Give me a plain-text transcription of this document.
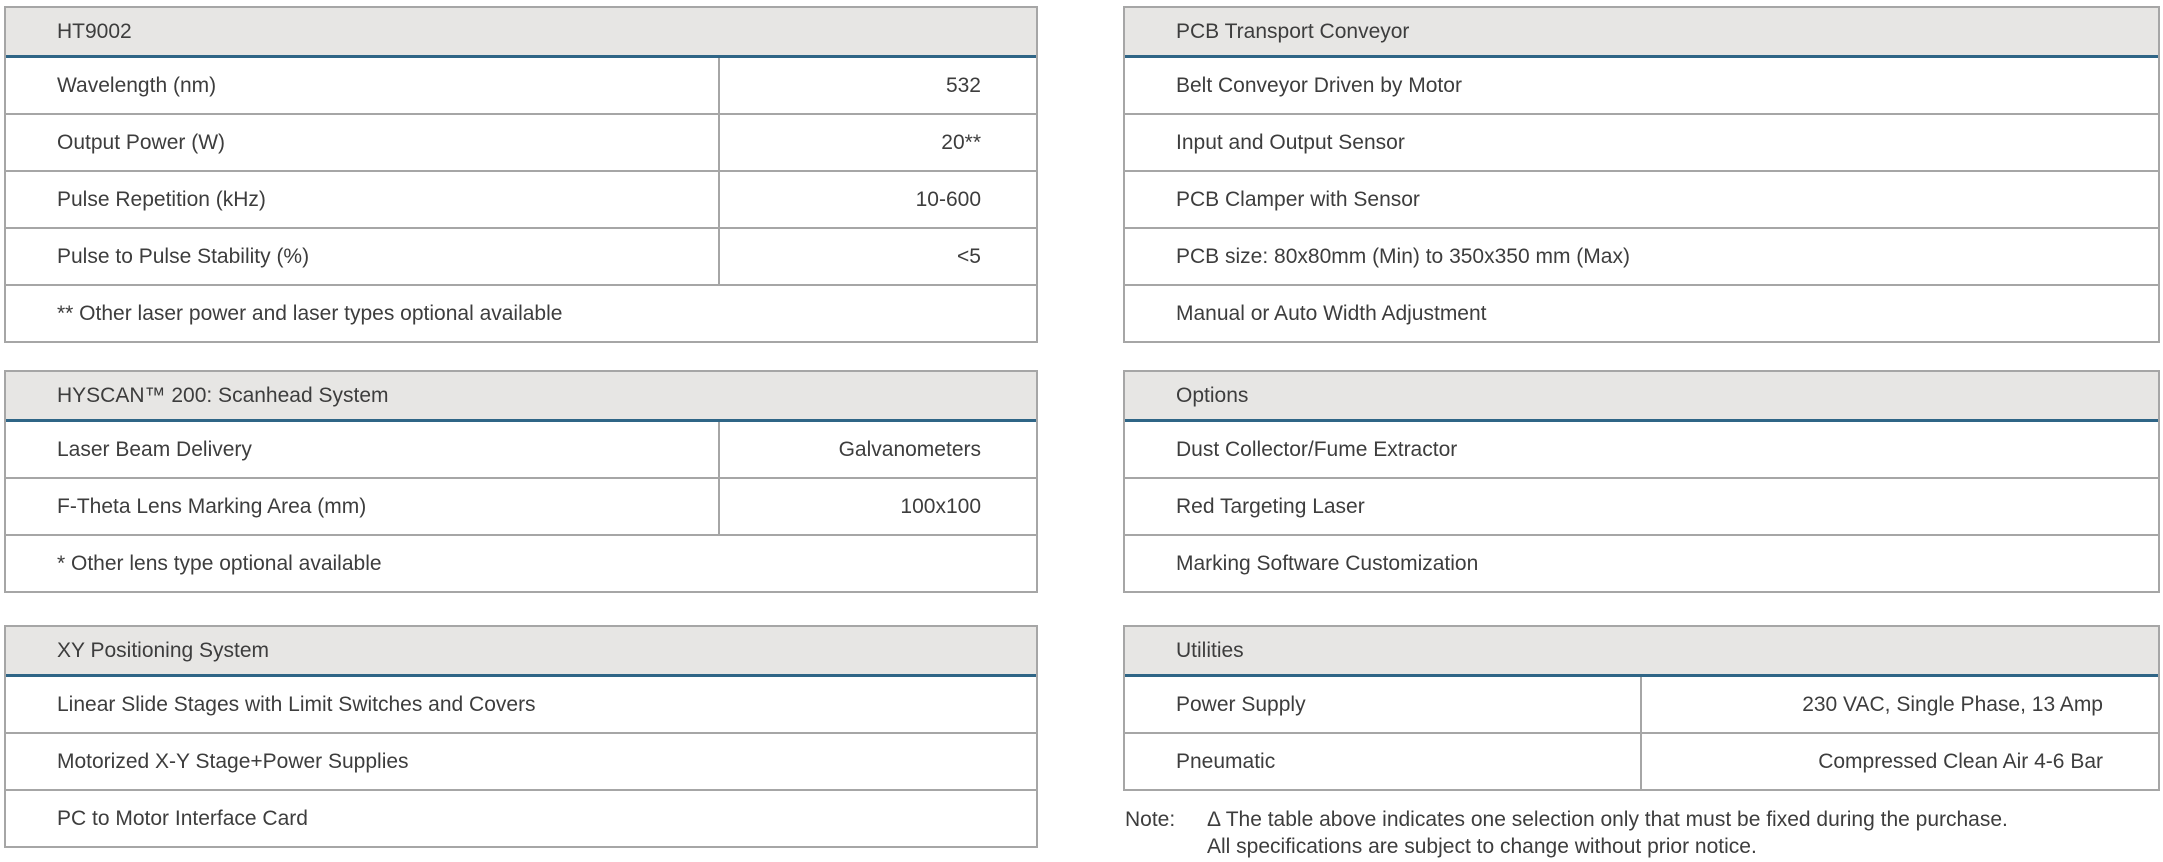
HT9002
Wavelength (nm)	532
Output Power (W)	20**
Pulse Repetition (kHz)	10-600
Pulse to Pulse Stability (%)	<5
** Other laser power and laser types optional available
HYSCAN™ 200: Scanhead System
Laser Beam Delivery	Galvanometers
F-Theta Lens Marking Area (mm)	100x100
* Other lens type optional available
XY Positioning System
Linear Slide Stages with Limit Switches and Covers
Motorized X-Y Stage+Power Supplies
PC to Motor Interface Card
PCB Transport Conveyor
Belt Conveyor Driven by Motor
Input and Output Sensor
PCB Clamper with Sensor
PCB size: 80x80mm (Min) to 350x350 mm (Max)
Manual or Auto Width Adjustment
Options
Dust Collector/Fume Extractor
Red Targeting Laser
Marking Software Customization
Utilities
Power Supply	230 VAC, Single Phase, 13 Amp
Pneumatic	Compressed Clean Air 4-6 Bar
Note:	Δ The table above indicates one selection only that must be fixed during the purchase.
All specifications are subject to change without prior notice.
